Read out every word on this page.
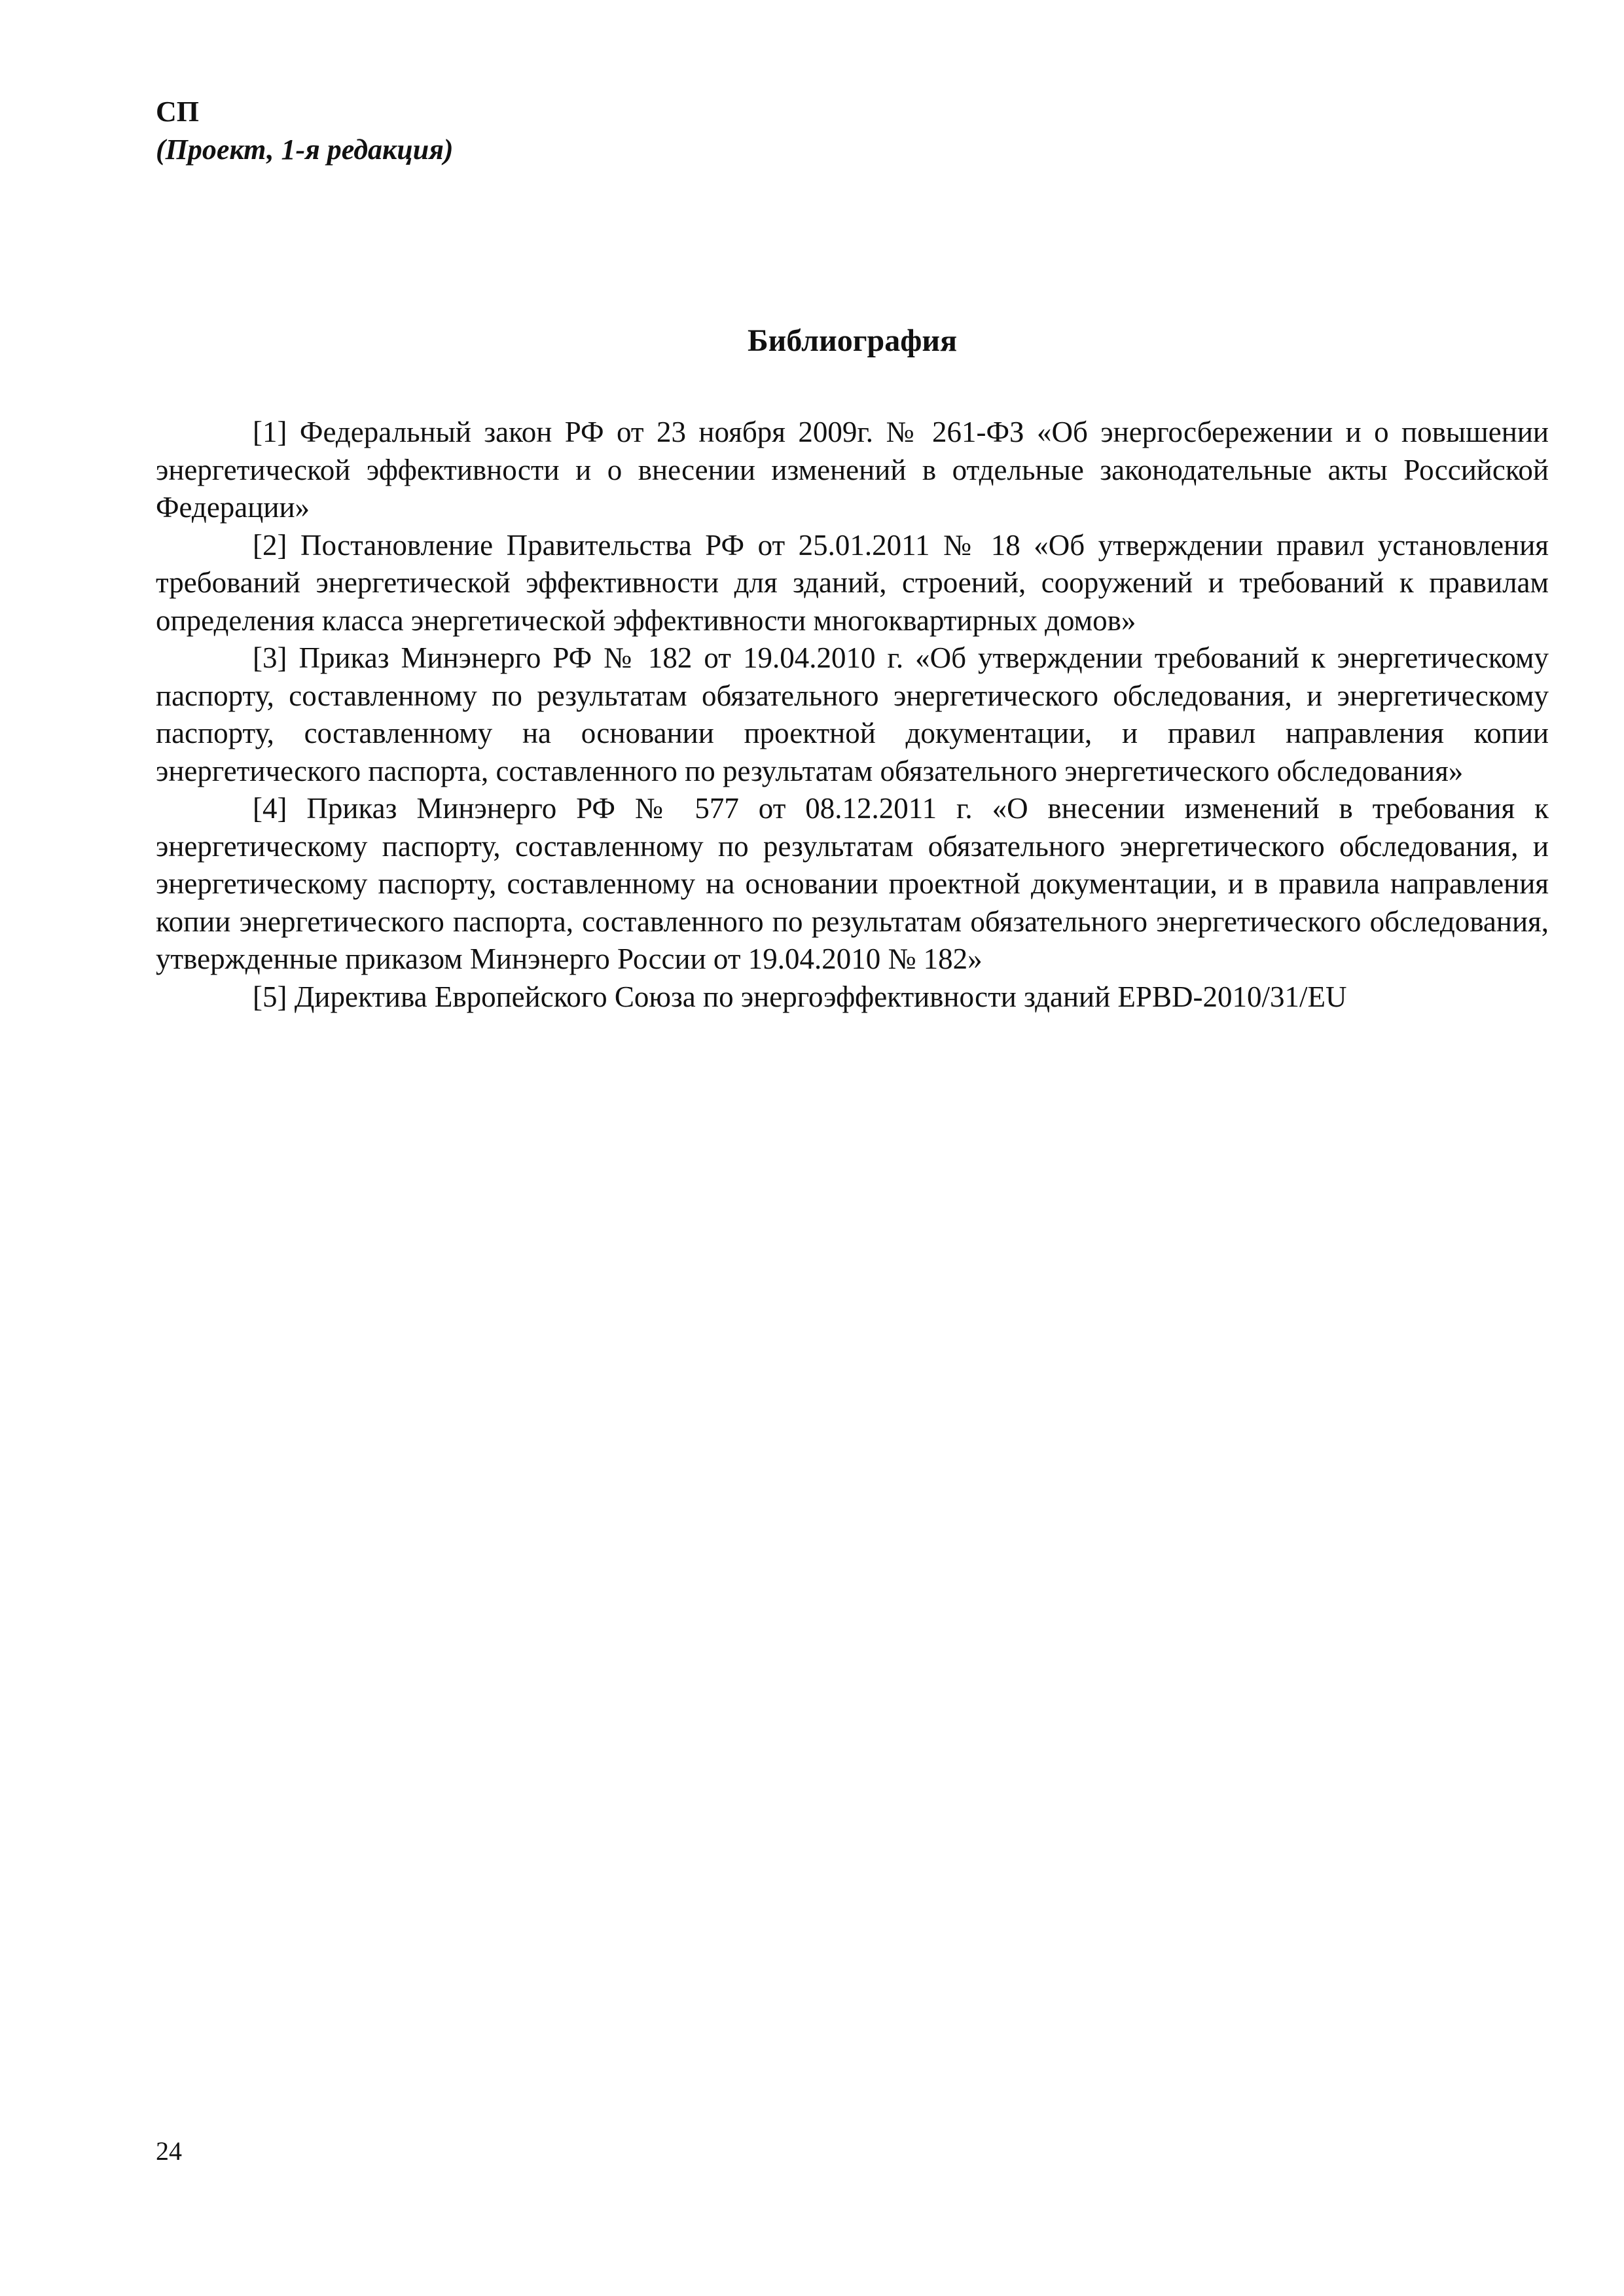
СП
(Проект, 1-я редакция)
Библиография

[1] Федеральный закон РФ от 23 ноября 2009г. № 261-ФЗ «Об энергосбережении и о повышении энергетической эффективности и о внесении изменений в отдельные законодательные акты Российской Федерации»

[2] Постановление Правительства РФ от 25.01.2011 № 18 «Об утверждении правил установления требований энергетической эффективности для зданий, строений, сооружений и требований к правилам определения класса энергетической эффективности многоквартирных домов»

[3] Приказ Минэнерго РФ № 182 от 19.04.2010 г. «Об утверждении требований к энергетическому паспорту, составленному по результатам обязательного энергетического обследования, и энергетическому паспорту, составленному на основании проектной документации, и правил направления копии энергетического паспорта, составленного по результатам обязательного энергетического обследования»

[4] Приказ Минэнерго РФ № 577 от 08.12.2011 г. «О внесении изменений в требования к энергетическому паспорту, составленному по результатам обязательного энергетического обследования, и энергетическому паспорту, составленному на основании проектной документации, и в правила направления копии энергетического паспорта, составленного по результатам обязательного энергетического обследования, утвержденные приказом Минэнерго России от 19.04.2010 № 182»

[5] Директива Европейского Союза по энергоэффективности зданий EPBD-2010/31/EU

24
